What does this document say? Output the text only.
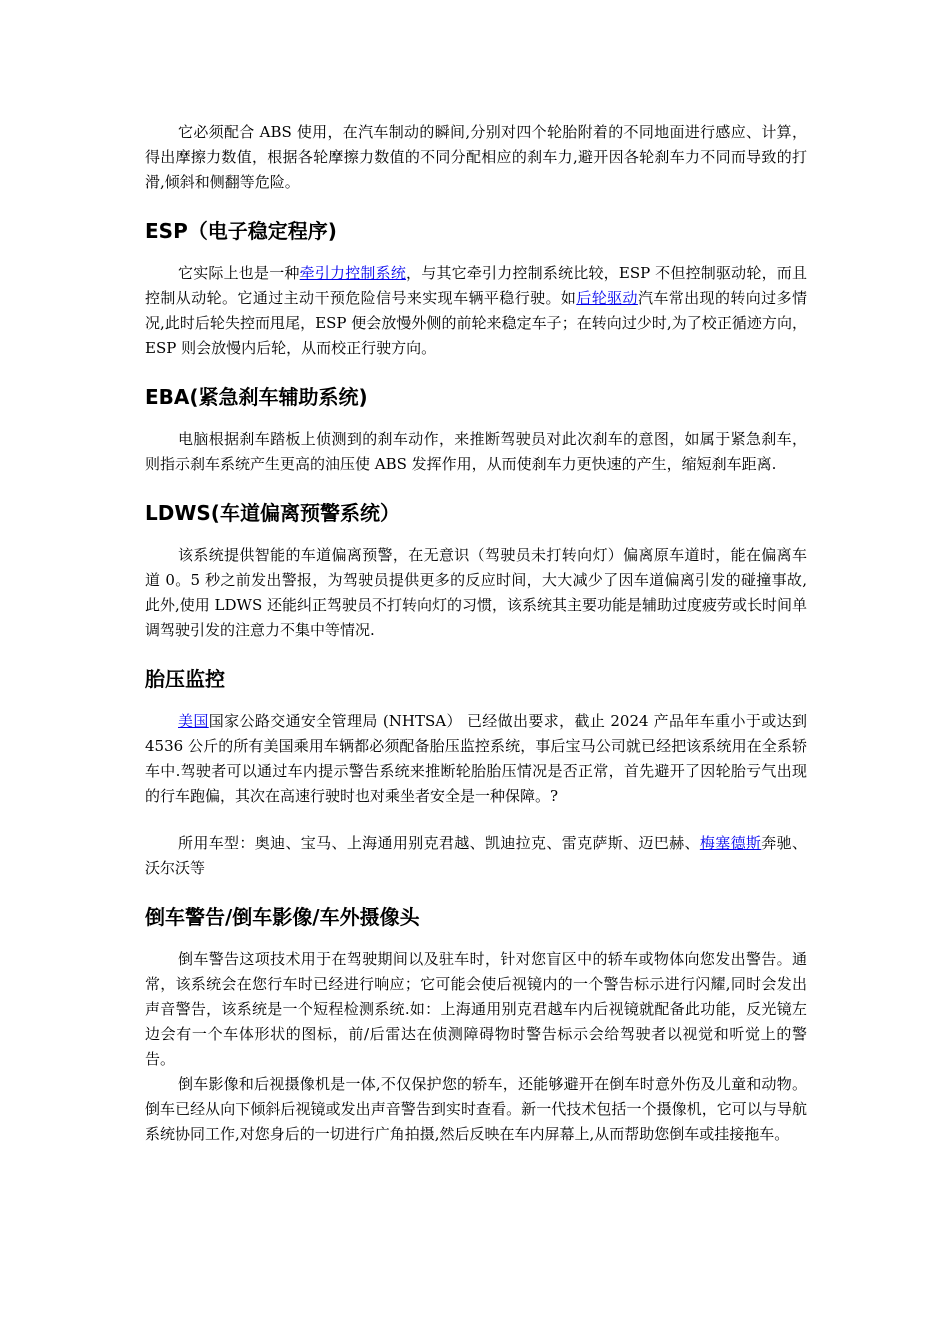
它必须配合 ABS 使用，在汽车制动的瞬间,分别对四个轮胎附着的不同地面进行感应、计算，得出摩擦力数值，根据各轮摩擦力数值的不同分配相应的刹车力,避开因各轮刹车力不同而导致的打滑,倾斜和侧翻等危险。

ESP（电子稳定程序)

它实际上也是一种牵引力控制系统，与其它牵引力控制系统比较，ESP 不但控制驱动轮，而且控制从动轮。它通过主动干预危险信号来实现车辆平稳行驶。如后轮驱动汽车常出现的转向过多情况,此时后轮失控而甩尾，ESP 便会放慢外侧的前轮来稳定车子；在转向过少时,为了校正循迹方向，ESP 则会放慢内后轮，从而校正行驶方向。

EBA(紧急刹车辅助系统)

电脑根据刹车踏板上侦测到的刹车动作，来推断驾驶员对此次刹车的意图，如属于紧急刹车，则指示刹车系统产生更高的油压使 ABS 发挥作用，从而使刹车力更快速的产生，缩短刹车距离.

LDWS(车道偏离预警系统）

该系统提供智能的车道偏离预警，在无意识（驾驶员未打转向灯）偏离原车道时，能在偏离车道 0。5 秒之前发出警报，为驾驶员提供更多的反应时间，大大减少了因车道偏离引发的碰撞事故,此外,使用 LDWS 还能纠正驾驶员不打转向灯的习惯，该系统其主要功能是辅助过度疲劳或长时间单调驾驶引发的注意力不集中等情况.

胎压监控

美国国家公路交通安全管理局 (NHTSA） 已经做出要求，截止 2024 产品年车重小于或达到 4536 公斤的所有美国乘用车辆都必须配备胎压监控系统，事后宝马公司就已经把该系统用在全系轿车中.驾驶者可以通过车内提示警告系统来推断轮胎胎压情况是否正常，首先避开了因轮胎亏气出现的行车跑偏，其次在高速行驶时也对乘坐者安全是一种保障。?

所用车型：奥迪、宝马、上海通用别克君越、凯迪拉克、雷克萨斯、迈巴赫、梅塞德斯奔驰、沃尔沃等

倒车警告/倒车影像/车外摄像头

倒车警告这项技术用于在驾驶期间以及驻车时，针对您盲区中的轿车或物体向您发出警告。通常，该系统会在您行车时已经进行响应；它可能会使后视镜内的一个警告标示进行闪耀,同时会发出声音警告，该系统是一个短程检测系统.如：上海通用别克君越车内后视镜就配备此功能，反光镜左边会有一个车体形状的图标，前/后雷达在侦测障碍物时警告标示会给驾驶者以视觉和听觉上的警告。

倒车影像和后视摄像机是一体,不仅保护您的轿车，还能够避开在倒车时意外伤及儿童和动物。倒车已经从向下倾斜后视镜或发出声音警告到实时查看。新一代技术包括一个摄像机，它可以与导航系统协同工作,对您身后的一切进行广角拍摄,然后反映在车内屏幕上,从而帮助您倒车或挂接拖车。
